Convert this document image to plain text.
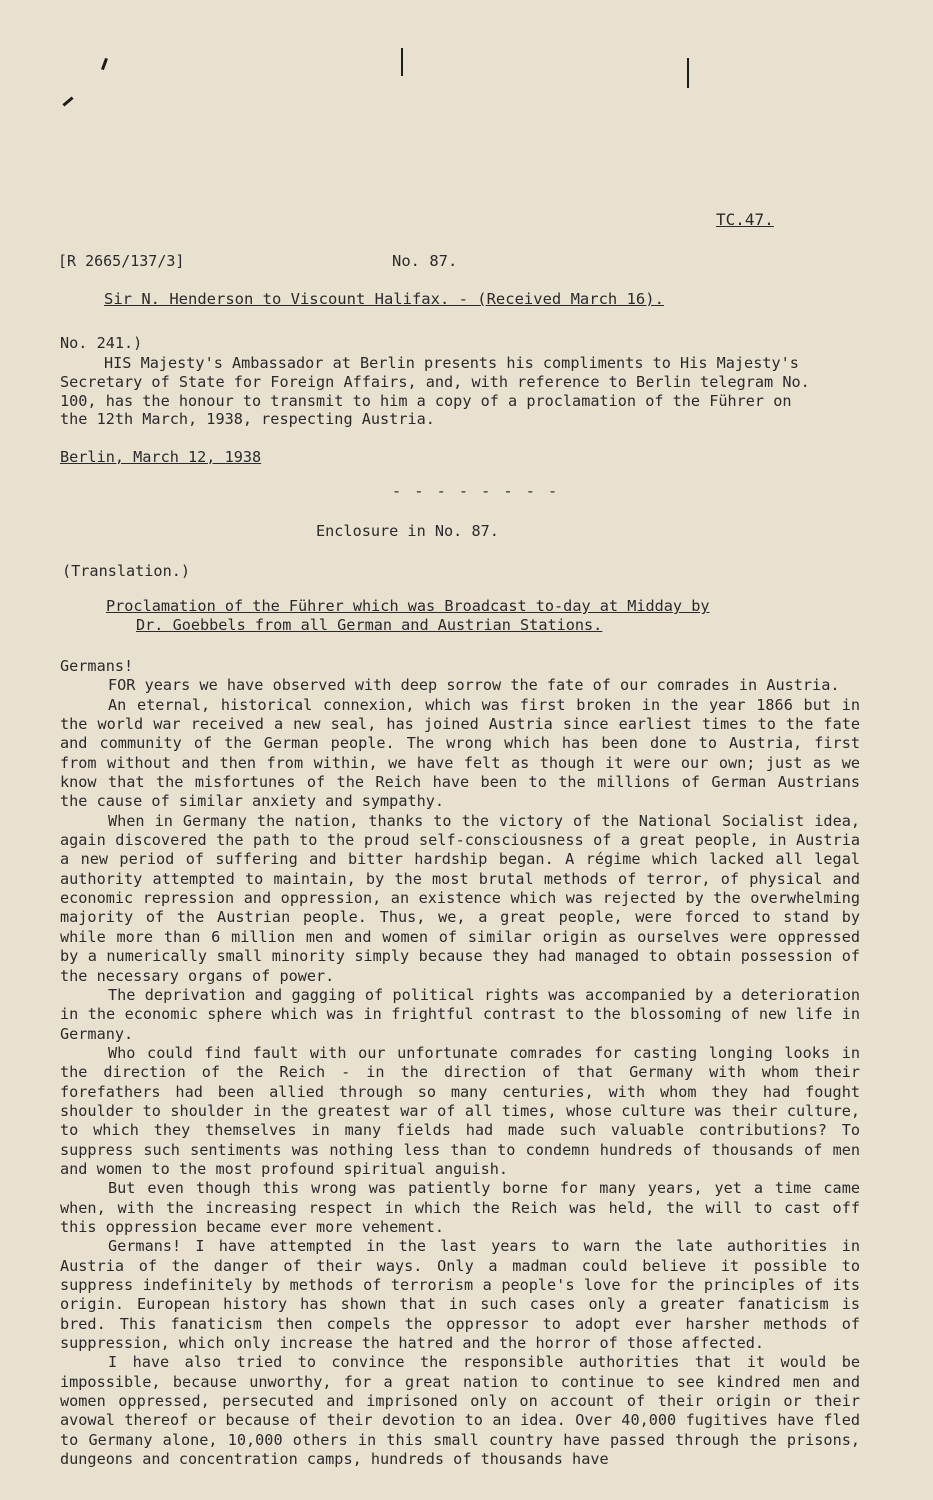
TC.47.
[R 2665/137/3]	No. 87.
Sir N. Henderson to Viscount Halifax. - (Received March 16).
No. 241.)
HIS Majesty's Ambassador at Berlin presents his compliments to His Majesty's
Secretary of State for Foreign Affairs, and, with reference to Berlin telegram No.
100, has the honour to transmit to him a copy of a proclamation of the Führer on
the 12th March, 1938, respecting Austria.
Berlin, March 12, 1938
- - - - - - - -
Enclosure in No. 87.
(Translation.)
Proclamation of the Führer which was Broadcast to-day at Midday by
Dr. Goebbels from all German and Austrian Stations.

Germans!

FOR years we have observed with deep sorrow the fate of our comrades in Austria.

An eternal, historical connexion, which was first broken in the year 1866 but in the world war received a new seal, has joined Austria since earliest times to the fate and community of the German people. The wrong which has been done to Austria, first from without and then from within, we have felt as though it were our own; just as we know that the misfortunes of the Reich have been to the millions of German Austrians the cause of similar anxiety and sympathy.

When in Germany the nation, thanks to the victory of the National Socialist idea, again discovered the path to the proud self-consciousness of a great people, in Austria a new period of suffering and bitter hardship began. A régime which lacked all legal authority attempted to maintain, by the most brutal methods of terror, of physical and economic repression and oppression, an existence which was rejected by the overwhelming majority of the Austrian people. Thus, we, a great people, were forced to stand by while more than 6 million men and women of similar origin as ourselves were oppressed by a numerically small minority simply because they had managed to obtain possession of the necessary organs of power.

The deprivation and gagging of political rights was accompanied by a deterioration in the economic sphere which was in frightful contrast to the blossoming of new life in Germany.

Who could find fault with our unfortunate comrades for casting longing looks in the direction of the Reich - in the direction of that Germany with whom their forefathers had been allied through so many centuries, with whom they had fought shoulder to shoulder in the greatest war of all times, whose culture was their culture, to which they themselves in many fields had made such valuable contributions? To suppress such sentiments was nothing less than to condemn hundreds of thousands of men and women to the most profound spiritual anguish.

But even though this wrong was patiently borne for many years, yet a time came when, with the increasing respect in which the Reich was held, the will to cast off this oppression became ever more vehement.

Germans! I have attempted in the last years to warn the late authorities in Austria of the danger of their ways. Only a madman could believe it possible to suppress indefinitely by methods of terrorism a people's love for the principles of its origin. European history has shown that in such cases only a greater fanaticism is bred. This fanaticism then compels the oppressor to adopt ever harsher methods of suppression, which only increase the hatred and the horror of those affected.

I have also tried to convince the responsible authorities that it would be impossible, because unworthy, for a great nation to continue to see kindred men and women oppressed, persecuted and imprisoned only on account of their origin or their avowal thereof or because of their devotion to an idea. Over 40,000 fugitives have fled to Germany alone, 10,000 others in this small country have passed through the prisons, dungeons and concentration camps, hundreds of thousands have
